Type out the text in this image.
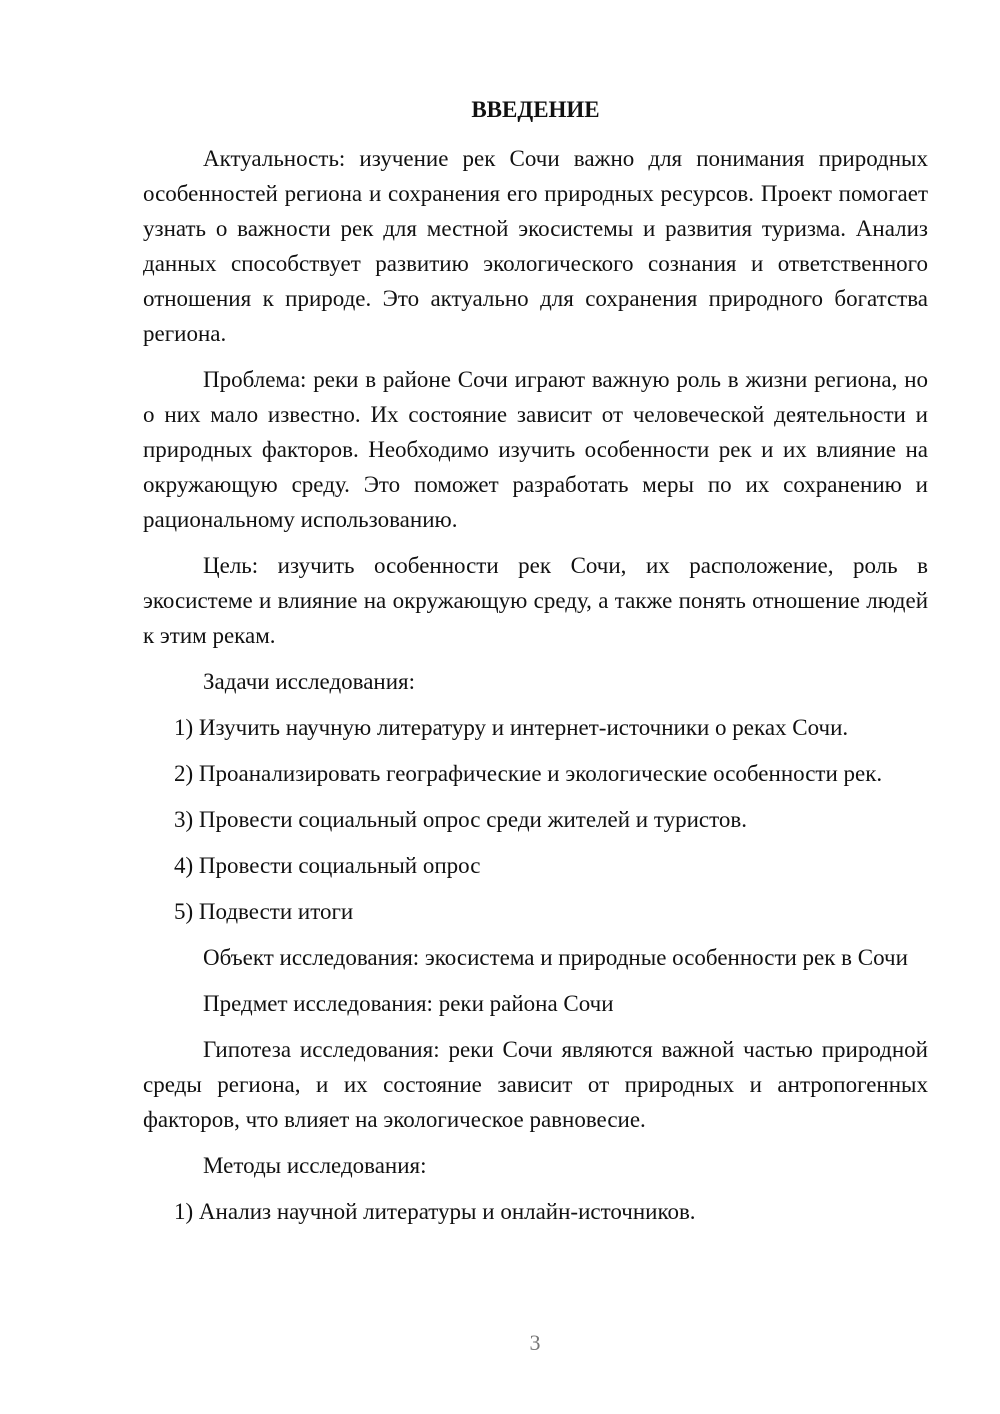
ВВЕДЕНИЕ

Актуальность: изучение рек Сочи важно для понимания природных особенностей региона и сохранения его природных ресурсов. Проект помогает узнать о важности рек для местной экосистемы и развития туризма. Анализ данных способствует развитию экологического сознания и ответственного отношения к природе. Это актуально для сохранения природного богатства региона.

Проблема: реки в районе Сочи играют важную роль в жизни региона, но о них мало известно. Их состояние зависит от человеческой деятельности и природных факторов. Необходимо изучить особенности рек и их влияние на окружающую среду. Это поможет разработать меры по их сохранению и рациональному использованию.

Цель: изучить особенности рек Сочи, их расположение, роль в экосистеме и влияние на окружающую среду, а также понять отношение людей к этим рекам.

Задачи исследования:

1) Изучить научную литературу и интернет-источники о реках Сочи.

2) Проанализировать географические и экологические особенности рек.

3) Провести социальный опрос среди жителей и туристов.

4) Провести социальный опрос

5) Подвести итоги

Объект исследования: экосистема и природные особенности рек в Сочи

Предмет исследования: реки района Сочи

Гипотеза исследования: реки Сочи являются важной частью природной среды региона, и их состояние зависит от природных и антропогенных факторов, что влияет на экологическое равновесие.

Методы исследования:

1) Анализ научной литературы и онлайн-источников.

3
